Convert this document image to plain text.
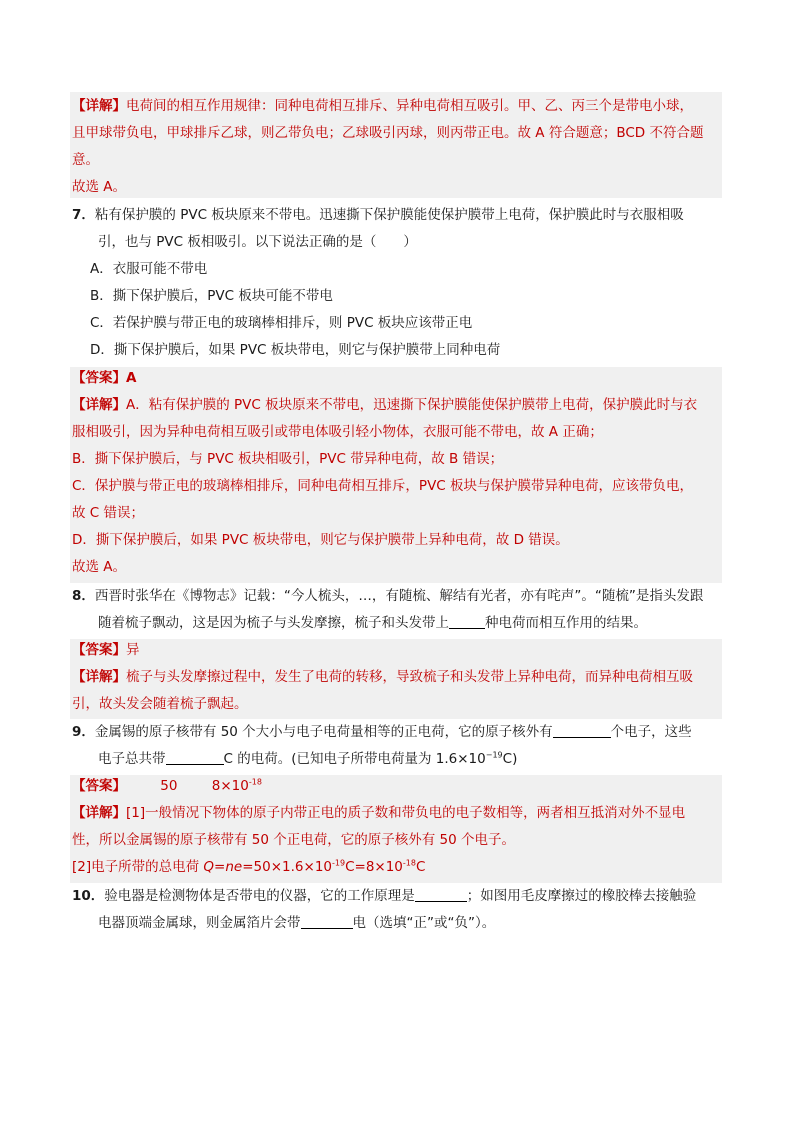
【详解】电荷间的相互作用规律：同种电荷相互排斥、异种电荷相互吸引。甲、乙、丙三个是带电小球，
且甲球带负电，甲球排斥乙球，则乙带负电；乙球吸引丙球，则丙带正电。故 A 符合题意；BCD 不符合题
意。
故选 A。
7．粘有保护膜的 PVC 板块原来不带电。迅速撕下保护膜能使保护膜带上电荷，保护膜此时与衣服相吸
引，也与 PVC 板相吸引。以下说法正确的是（　　）
A．衣服可能不带电
B．撕下保护膜后，PVC 板块可能不带电
C．若保护膜与带正电的玻璃棒相排斥，则 PVC 板块应该带正电
D．撕下保护膜后，如果 PVC 板块带电，则它与保护膜带上同种电荷
【答案】A
【详解】A．粘有保护膜的 PVC 板块原来不带电，迅速撕下保护膜能使保护膜带上电荷，保护膜此时与衣
服相吸引，因为异种电荷相互吸引或带电体吸引轻小物体，衣服可能不带电，故 A 正确；
B．撕下保护膜后，与 PVC 板块相吸引，PVC 带异种电荷，故 B 错误；
C．保护膜与带正电的玻璃棒相排斥，同种电荷相互排斥，PVC 板块与保护膜带异种电荷，应该带负电，
故 C 错误；
D．撕下保护膜后，如果 PVC 板块带电，则它与保护膜带上异种电荷，故 D 错误。
故选 A。
8．西晋时张华在《博物志》记载：“今人梳头，…，有随梳、解结有光者，亦有咤声”。“随梳”是指头发跟
随着梳子飘动，这是因为梳子与头发摩擦，梳子和头发带上	种电荷而相互作用的结果。
【答案】异
【详解】梳子与头发摩擦过程中，发生了电荷的转移，导致梳子和头发带上异种电荷，而异种电荷相互吸
引，故头发会随着梳子飘起。
9．金属锡的原子核带有 50 个大小与电子电荷量相等的正电荷，它的原子核外有	个电子，这些
电子总共带	C 的电荷。(已知电子所带电荷量为 $1.6\times 10^{-19}C$)
【答案】	50	$8\times 10^{-18}$
【详解】[1]一般情况下物体的原子内带正电的质子数和带负电的电子数相等，两者相互抵消对外不显电
性，所以金属锡的原子核带有 50 个正电荷，它的原子核外有 50 个电子。
[2]电子所带的总电荷 $Q=ne=50\times 1.6\times 10^{-19}C=8\times 10^{-18}C$
10．验电器是检测物体是否带电的仪器，它的工作原理是	；如图用毛皮摩擦过的橡胶棒去接触验
电器顶端金属球，则金属箔片会带	电（选填“正”或“负”）。
